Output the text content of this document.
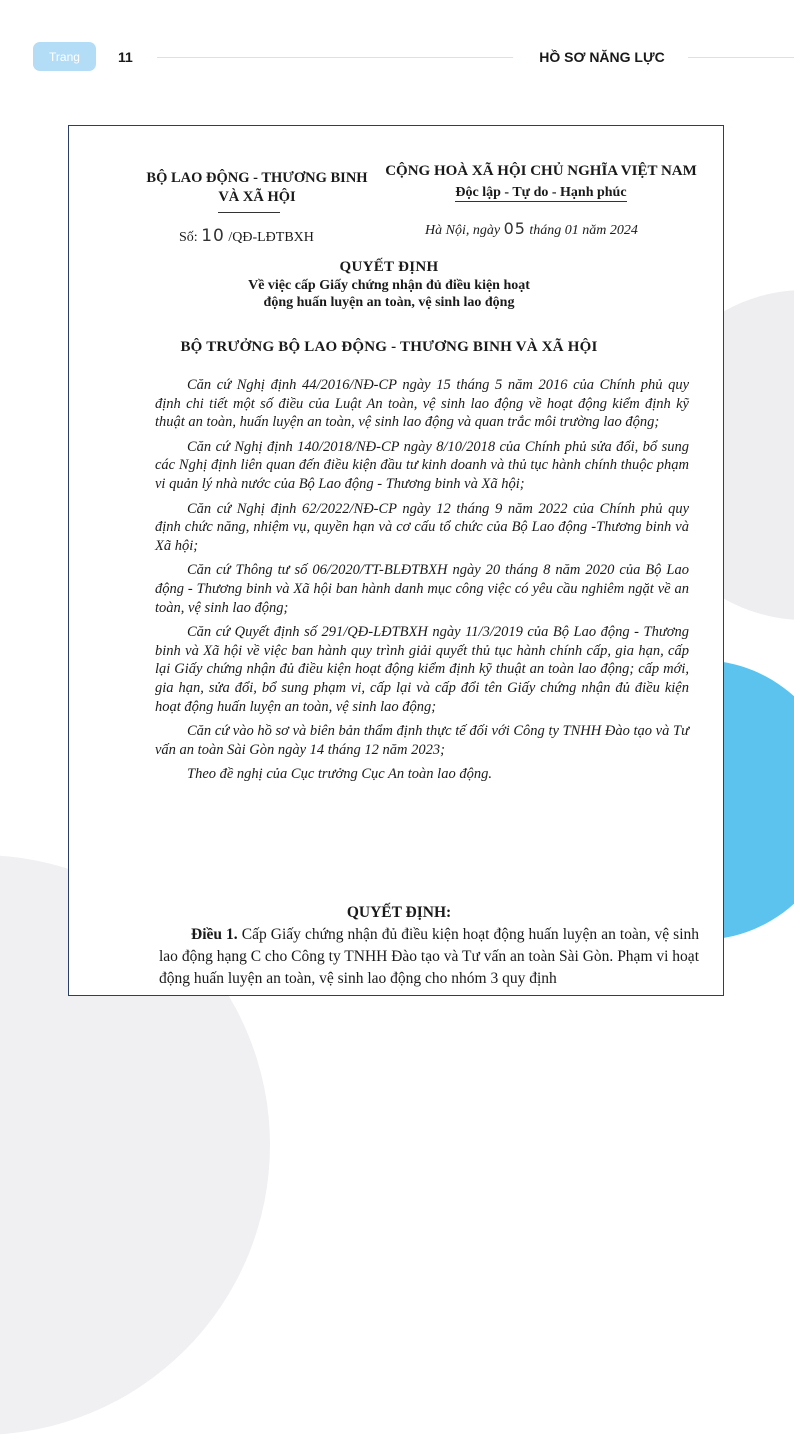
Trang	11	HỒ SƠ NĂNG LỰC
BỘ LAO ĐỘNG - THƯƠNG BINH VÀ XÃ HỘI
CỘNG HOÀ XÃ HỘI CHỦ NGHĨA VIỆT NAM
Độc lập - Tự do - Hạnh phúc
Số: 10 /QĐ-LĐTBXH	Hà Nội, ngày 05 tháng 01 năm 2024
QUYẾT ĐỊNH
Về việc cấp Giấy chứng nhận đủ điều kiện hoạt động huấn luyện an toàn, vệ sinh lao động
BỘ TRƯỞNG BỘ LAO ĐỘNG - THƯƠNG BINH VÀ XÃ HỘI

Căn cứ Nghị định 44/2016/NĐ-CP ngày 15 tháng 5 năm 2016 của Chính phủ quy định chi tiết một số điều của Luật An toàn, vệ sinh lao động về hoạt động kiểm định kỹ thuật an toàn, huấn luyện an toàn, vệ sinh lao động và quan trắc môi trường lao động;

Căn cứ Nghị định 140/2018/NĐ-CP ngày 8/10/2018 của Chính phủ sửa đổi, bổ sung các Nghị định liên quan đến điều kiện đầu tư kinh doanh và thủ tục hành chính thuộc phạm vi quản lý nhà nước của Bộ Lao động - Thương binh và Xã hội;

Căn cứ Nghị định 62/2022/NĐ-CP ngày 12 tháng 9 năm 2022 của Chính phủ quy định chức năng, nhiệm vụ, quyền hạn và cơ cấu tổ chức của Bộ Lao động -Thương binh và Xã hội;

Căn cứ Thông tư số 06/2020/TT-BLĐTBXH ngày 20 tháng 8 năm 2020 của Bộ Lao động - Thương binh và Xã hội ban hành danh mục công việc có yêu cầu nghiêm ngặt về an toàn, vệ sinh lao động;

Căn cứ Quyết định số 291/QĐ-LĐTBXH ngày 11/3/2019 của Bộ Lao động - Thương binh và Xã hội về việc ban hành quy trình giải quyết thủ tục hành chính cấp, gia hạn, cấp lại Giấy chứng nhận đủ điều kiện hoạt động kiểm định kỹ thuật an toàn lao động; cấp mới, gia hạn, sửa đổi, bổ sung phạm vi, cấp lại và cấp đổi tên Giấy chứng nhận đủ điều kiện hoạt động huấn luyện an toàn, vệ sinh lao động;

Căn cứ vào hồ sơ và biên bản thẩm định thực tế đối với Công ty TNHH Đào tạo và Tư vấn an toàn Sài Gòn ngày 14 tháng 12 năm 2023;

Theo đề nghị của Cục trưởng Cục An toàn lao động.

QUYẾT ĐỊNH:

Điều 1. Cấp Giấy chứng nhận đủ điều kiện hoạt động huấn luyện an toàn, vệ sinh lao động hạng C cho Công ty TNHH Đào tạo và Tư vấn an toàn Sài Gòn. Phạm vi hoạt động huấn luyện an toàn, vệ sinh lao động cho nhóm 3 quy định
